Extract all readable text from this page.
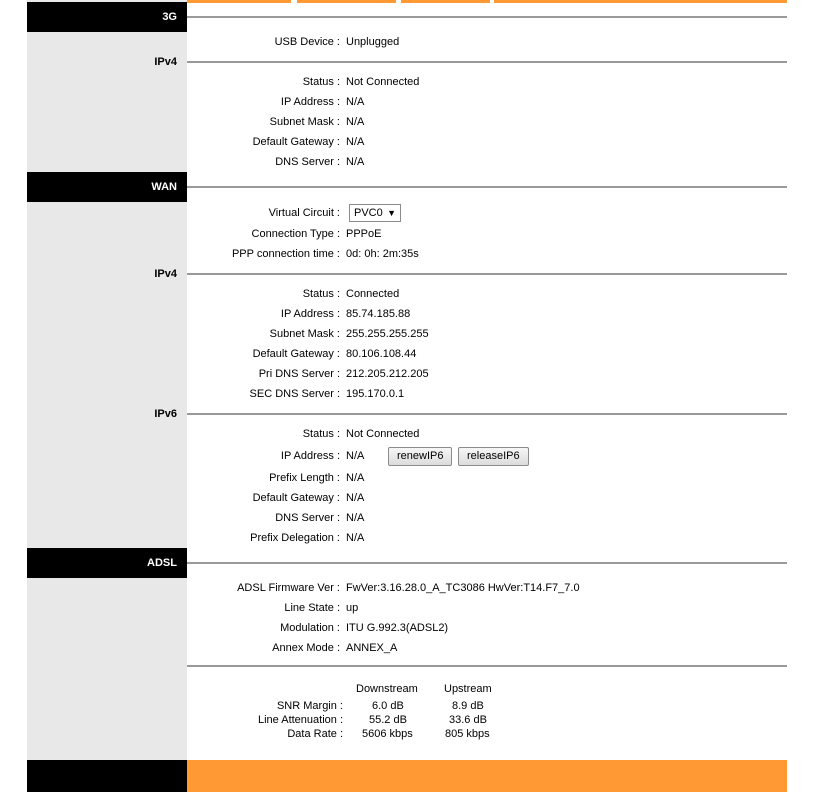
3G
USB Device : Unplugged
IPv4
Status : Not Connected
IP Address : N/A
Subnet Mask : N/A
Default Gateway : N/A
DNS Server : N/A
WAN
Virtual Circuit :	PVC0 ▼
Connection Type : PPPoE
PPP connection time : 0d: 0h: 2m:35s
IPv4
Status : Connected
IP Address : 85.74.185.88
Subnet Mask : 255.255.255.255
Default Gateway : 80.106.108.44
Pri DNS Server : 212.205.212.205
SEC DNS Server : 195.170.0.1
IPv6
Status : Not Connected
IP Address : N/A	renewIP6	releaseIP6
Prefix Length : N/A
Default Gateway : N/A
DNS Server : N/A
Prefix Delegation : N/A
ADSL
ADSL Firmware Ver : FwVer:3.16.28.0_A_TC3086 HwVer:T14.F7_7.0
Line State : up
Modulation : ITU G.992.3(ADSL2)
Annex Mode : ANNEX_A
Downstream Upstream
SNR Margin :	6.0 dB	8.9 dB
Line Attenuation : 55.2 dB	33.6 dB
Data Rate : 5606 kbps	805 kbps
